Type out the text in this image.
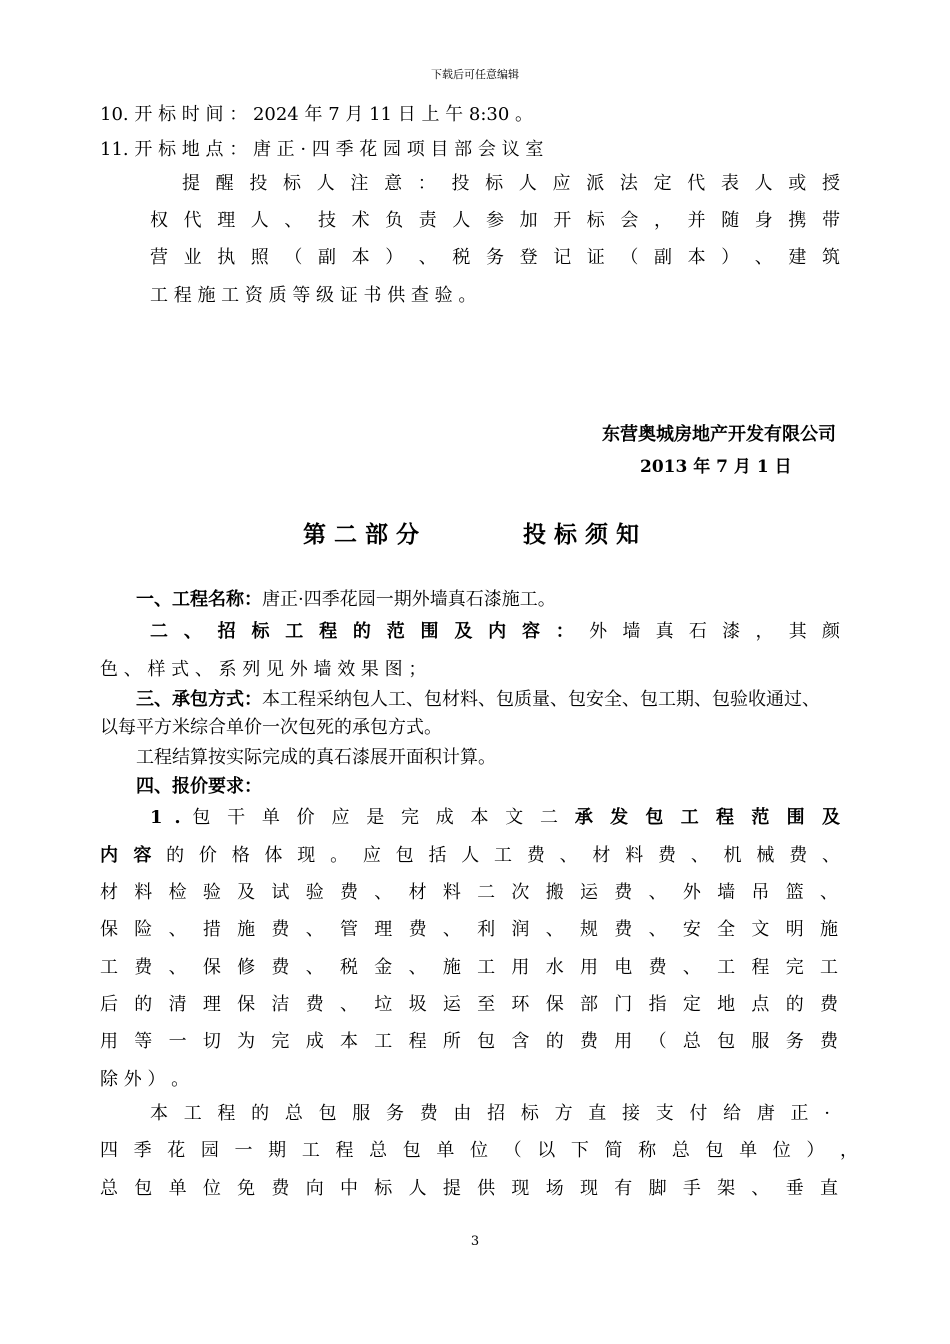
下载后可任意编辑
10. 开 标 时 间 ： 2024 年 7 月 11 日 上 午 8:30 。
11. 开 标 地 点 ： 唐 正 · 四 季 花 园 项 目 部 会 议 室
提 醒 投 标 人 注 意 ： 投 标 人 应 派 法 定 代 表 人 或 授
权 代 理 人 、 技 术 负 责 人 参 加 开 标 会 ， 并 随 身 携 带
营 业 执 照 （ 副 本 ） 、 税 务 登 记 证 （ 副 本 ） 、 建 筑
工 程 施 工 资 质 等 级 证 书 供 查 验 。
东营奥城房地产开发有限公司
2013 年 7 月 1 日
第二部分	投标须知
一、工程名称：唐正·四季花园一期外墙真石漆施工。
二 、 招 标 工 程 的 范 围 及 内 容 ： 外 墙 真 石 漆 ， 其 颜
色 、 样 式 、 系 列 见 外 墙 效 果 图 ；
三、承包方式：本工程采纳包人工、包材料、包质量、包安全、包工期、包验收通过、
以每平方米综合单价一次包死的承包方式。
工程结算按实际完成的真石漆展开面积计算。
四、报价要求：
1 . 包 干 单 价 应 是 完 成 本 文 二 承 发 包 工 程 范 围 及
内 容 的 价 格 体 现 。 应 包 括 人 工 费 、 材 料 费 、 机 械 费 、
材 料 检 验 及 试 验 费 、 材 料 二 次 搬 运 费 、 外 墙 吊 篮 、
保 险 、 措 施 费 、 管 理 费 、 利 润 、 规 费 、 安 全 文 明 施
工 费 、 保 修 费 、 税 金 、 施 工 用 水 用 电 费 、 工 程 完 工
后 的 清 理 保 洁 费 、 垃 圾 运 至 环 保 部 门 指 定 地 点 的 费
用 等 一 切 为 完 成 本 工 程 所 包 含 的 费 用 （ 总 包 服 务 费
除 外 ） 。
本 工 程 的 总 包 服 务 费 由 招 标 方 直 接 支 付 给 唐 正 ·
四 季 花 园 一 期 工 程 总 包 单 位 （ 以 下 简 称 总 包 单 位 ） ，
总 包 单 位 免 费 向 中 标 人 提 供 现 场 现 有 脚 手 架 、 垂 直
3
